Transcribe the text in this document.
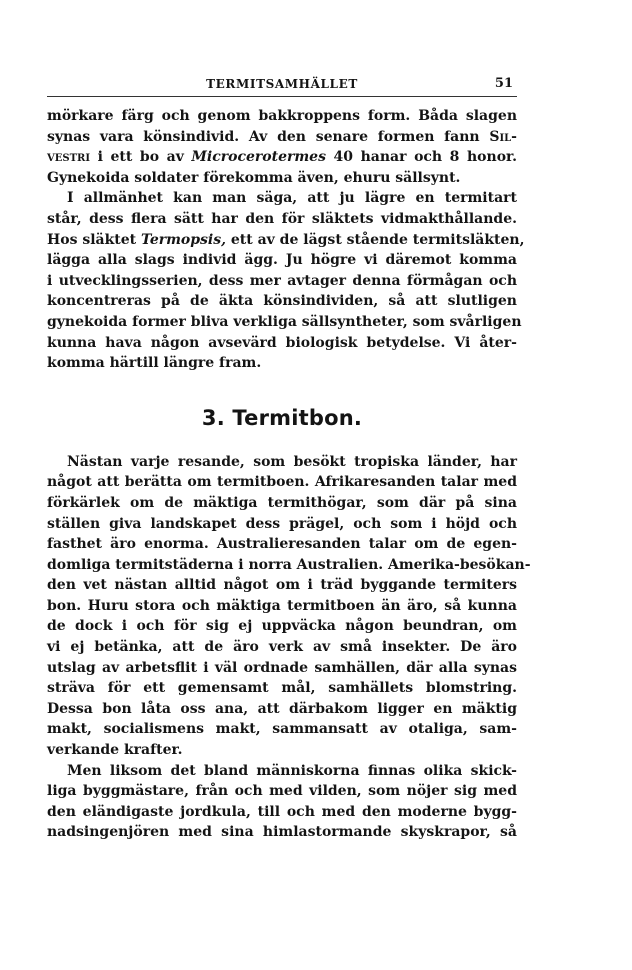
TERMITSAMHÄLLET	51
mörkare färg och genom bakkroppens form. Båda slagen
synas vara könsindivid. Av den senare formen fann Sil-
vestri i ett bo av Microcerotermes 40 hanar och 8 honor.
Gynekoida soldater förekomma även, ehuru sällsynt.
I allmänhet kan man säga, att ju lägre en termitart
står, dess flera sätt har den för släktets vidmakthållande.
Hos släktet Termopsis, ett av de lägst stående termitsläkten,
lägga alla slags individ ägg. Ju högre vi däremot komma
i utvecklingsserien, dess mer avtager denna förmågan och
koncentreras på de äkta könsindividen, så att slutligen
gynekoida former bliva verkliga sällsyntheter, som svårligen
kunna hava någon avsevärd biologisk betydelse. Vi åter-
komma härtill längre fram.
3. Termitbon.
Nästan varje resande, som besökt tropiska länder, har
något att berätta om termitboen. Afrikaresanden talar med
förkärlek om de mäktiga termithögar, som där på sina
ställen giva landskapet dess prägel, och som i höjd och
fasthet äro enorma. Australieresanden talar om de egen-
domliga termitstäderna i norra Australien. Amerika-besökan-
den vet nästan alltid något om i träd byggande termiters
bon. Huru stora och mäktiga termitboen än äro, så kunna
de dock i och för sig ej uppväcka någon beundran, om
vi ej betänka, att de äro verk av små insekter. De äro
utslag av arbetsflit i väl ordnade samhällen, där alla synas
sträva för ett gemensamt mål, samhällets blomstring.
Dessa bon låta oss ana, att därbakom ligger en mäktig
makt, socialismens makt, sammansatt av otaliga, sam-
verkande krafter.
Men liksom det bland människorna finnas olika skick-
liga byggmästare, från och med vilden, som nöjer sig med
den eländigaste jordkula, till och med den moderne bygg-
nadsingenjören med sina himlastormande skyskrapor, så
